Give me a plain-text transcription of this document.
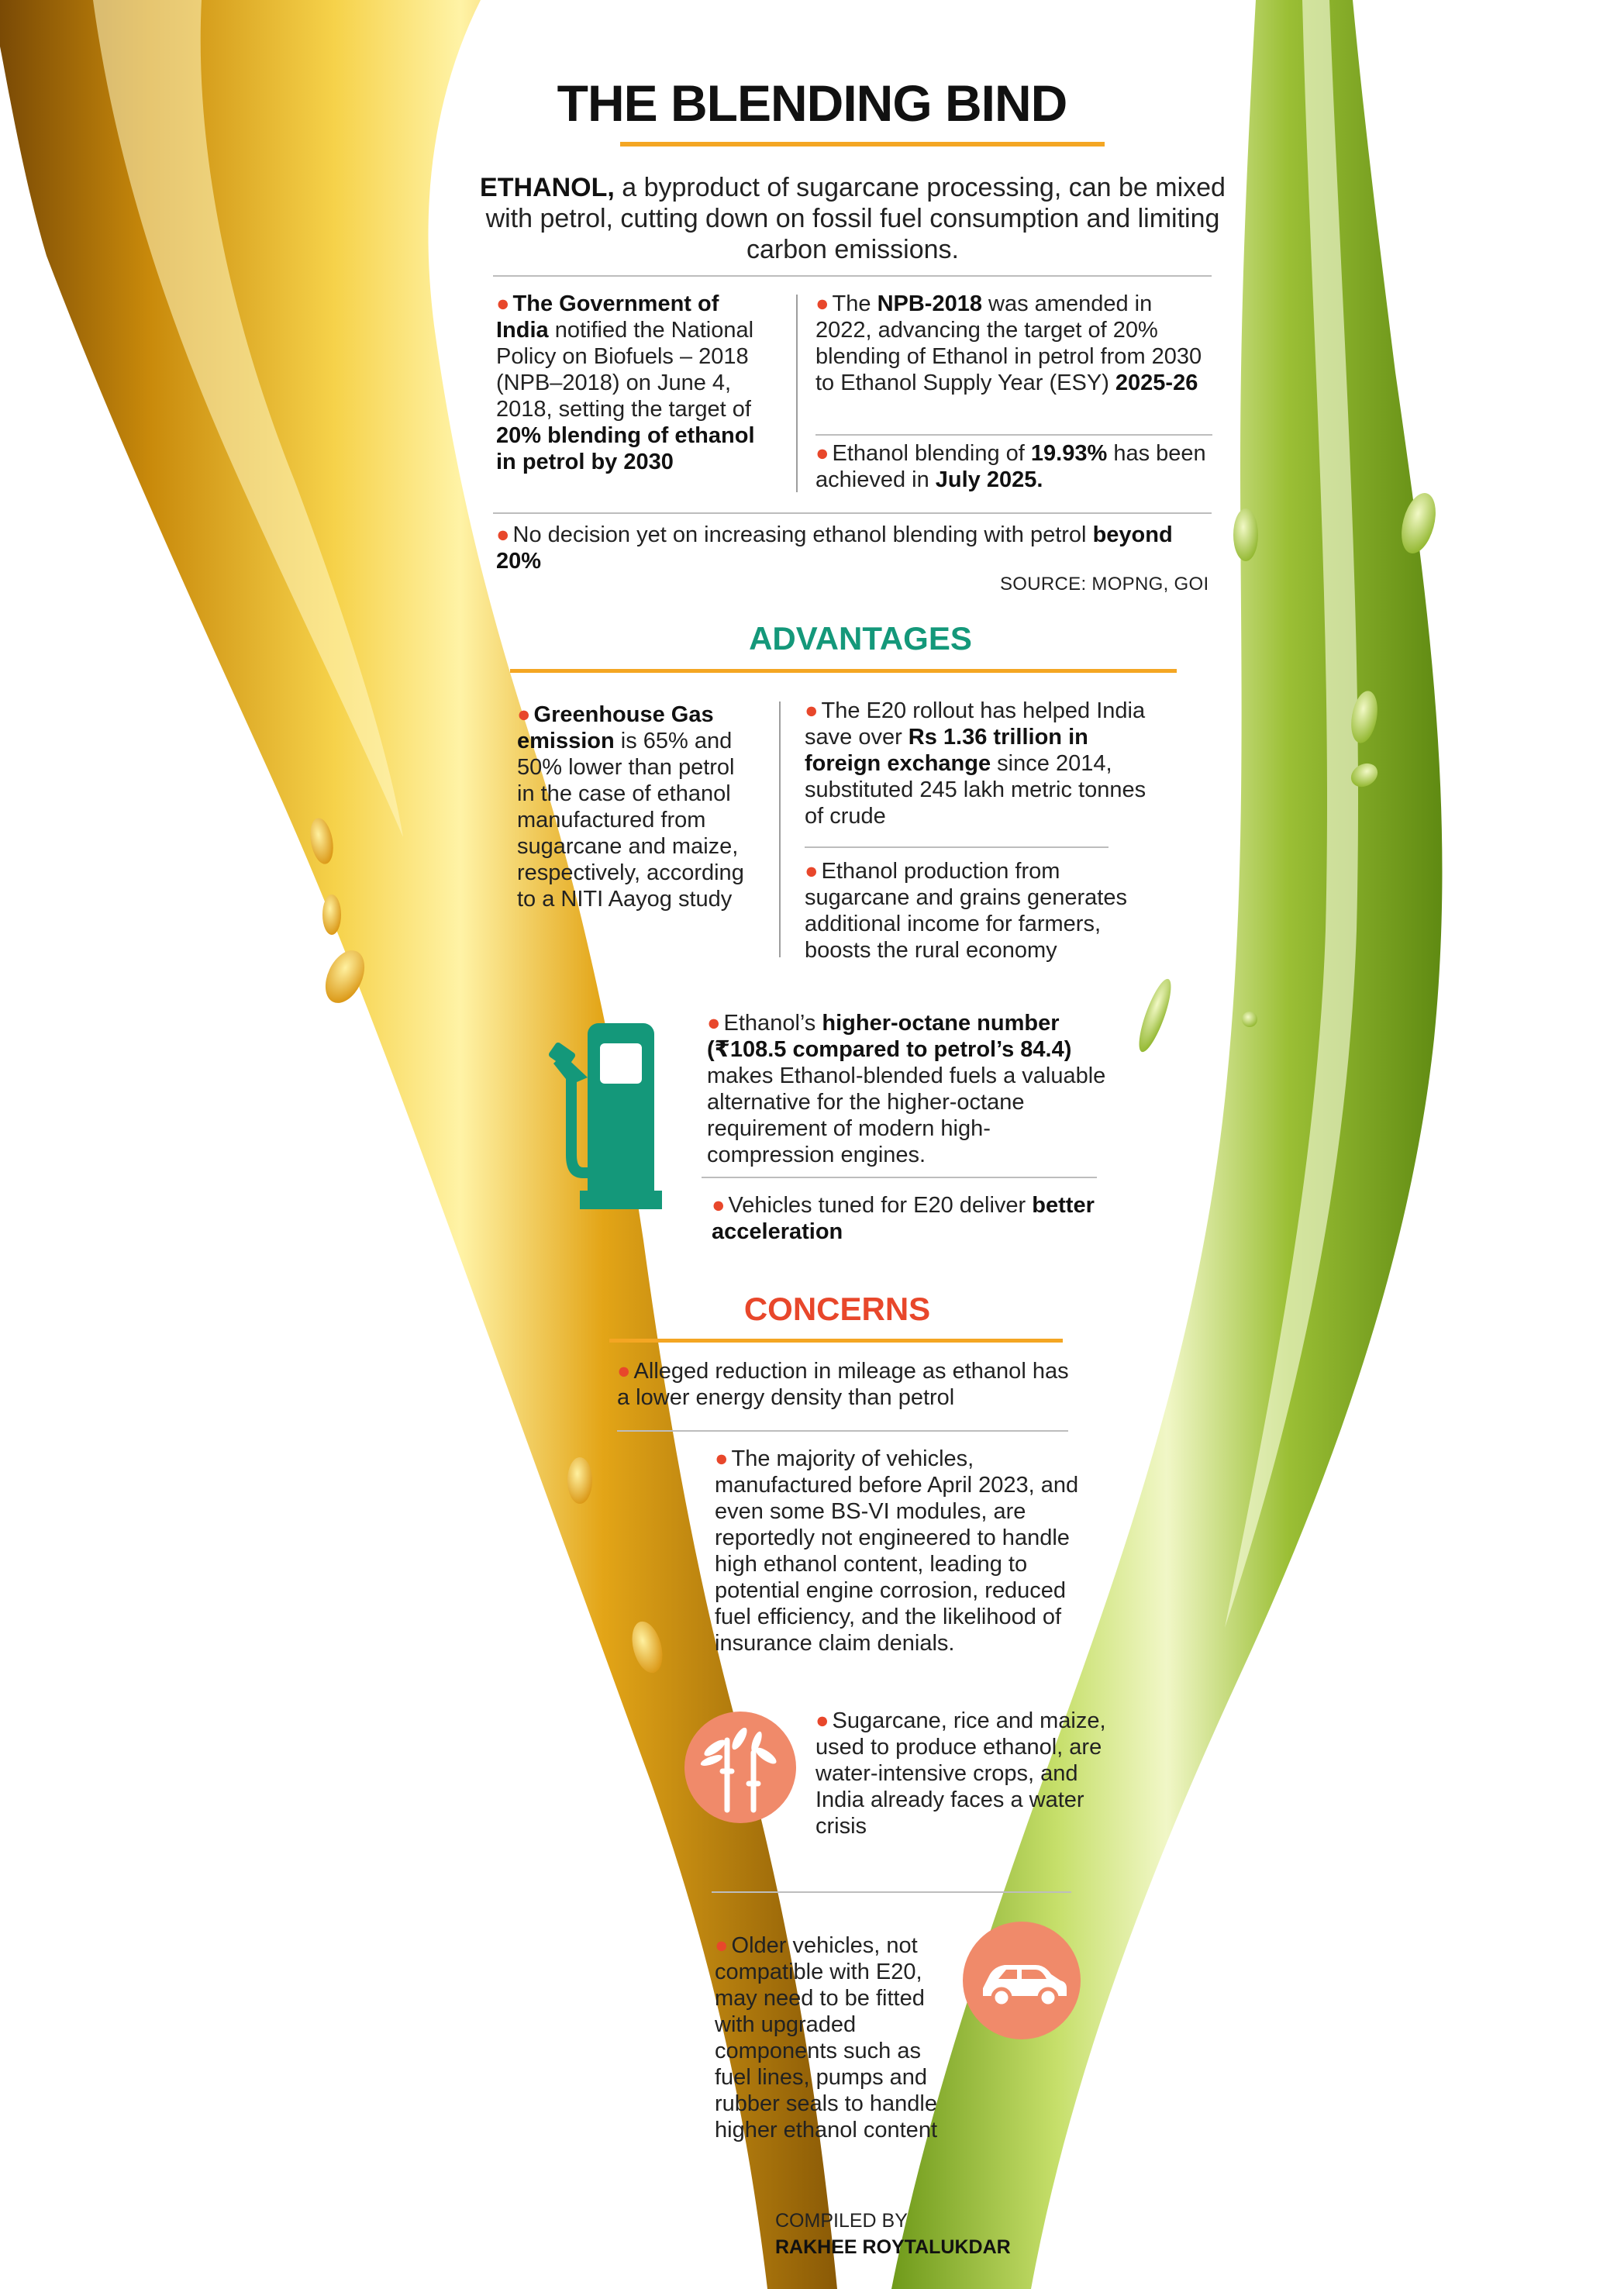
THE BLENDING BIND
ETHANOL, a byproduct of sugarcane processing, can be mixed with petrol, cutting down on fossil fuel consumption and limiting carbon emissions.
● The Government of India notified the National Policy on Biofuels – 2018 (NPB–2018) on June 4, 2018, setting the target of 20% blending of ethanol in petrol by 2030
● The NPB-2018 was amended in 2022, advancing the target of 20% blending of Ethanol in petrol from 2030 to Ethanol Supply Year (ESY) 2025-26
● Ethanol blending of 19.93% has been achieved in July 2025.
● No decision yet on increasing ethanol blending with petrol beyond 20%
SOURCE: MOPNG, GOI
ADVANTAGES
● Greenhouse Gas emission is 65% and 50% lower than petrol in the case of ethanol manufactured from sugarcane and maize, respectively, according to a NITI Aayog study
● The E20 rollout has helped India save over Rs 1.36 trillion in foreign exchange since 2014, substituted 245 lakh metric tonnes of crude
● Ethanol production from sugarcane and grains generates additional income for farmers, boosts the rural economy
● Ethanol’s higher-octane number (₹108.5 compared to petrol’s 84.4) makes Ethanol-blended fuels a valuable alternative for the higher-octane requirement of modern high-compression engines.
● Vehicles tuned for E20 deliver better acceleration
CONCERNS
● Alleged reduction in mileage as ethanol has a lower energy density than petrol
● The majority of vehicles, manufactured before April 2023, and even some BS-VI modules, are reportedly not engineered to handle high ethanol content, leading to potential engine corrosion, reduced fuel efficiency, and the likelihood of insurance claim denials.
● Sugarcane, rice and maize, used to produce ethanol, are water-intensive crops, and India already faces a water crisis
● Older vehicles, not compatible with E20, may need to be fitted with upgraded components such as fuel lines, pumps and rubber seals to handle higher ethanol content
COMPILED BY
RAKHEE ROYTALUKDAR
